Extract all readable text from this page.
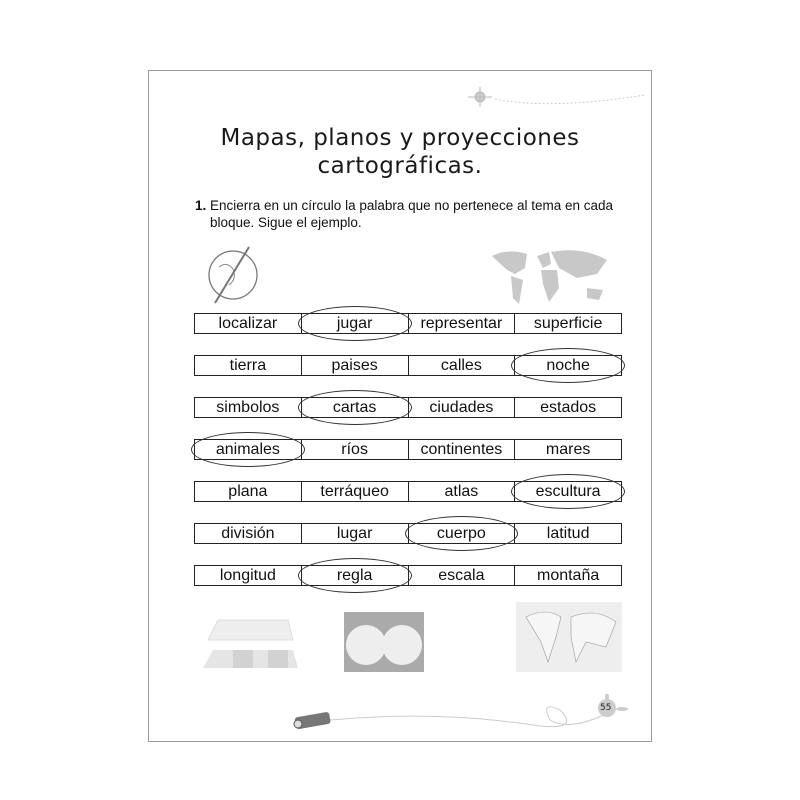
Mapas, planos y proyecciones
cartográficas.
1. Encierra en un círculo la palabra que no pertenece al tema en cada bloque. Sigue el ejemplo.
localizar	jugar	representar	superficie
tierra	paises	calles	noche
simbolos	cartas	ciudades	estados
animales	ríos	continentes	mares
plana	terráqueo	atlas	escultura
división	lugar	cuerpo	latitud
longitud	regla	escala	montaña
55
